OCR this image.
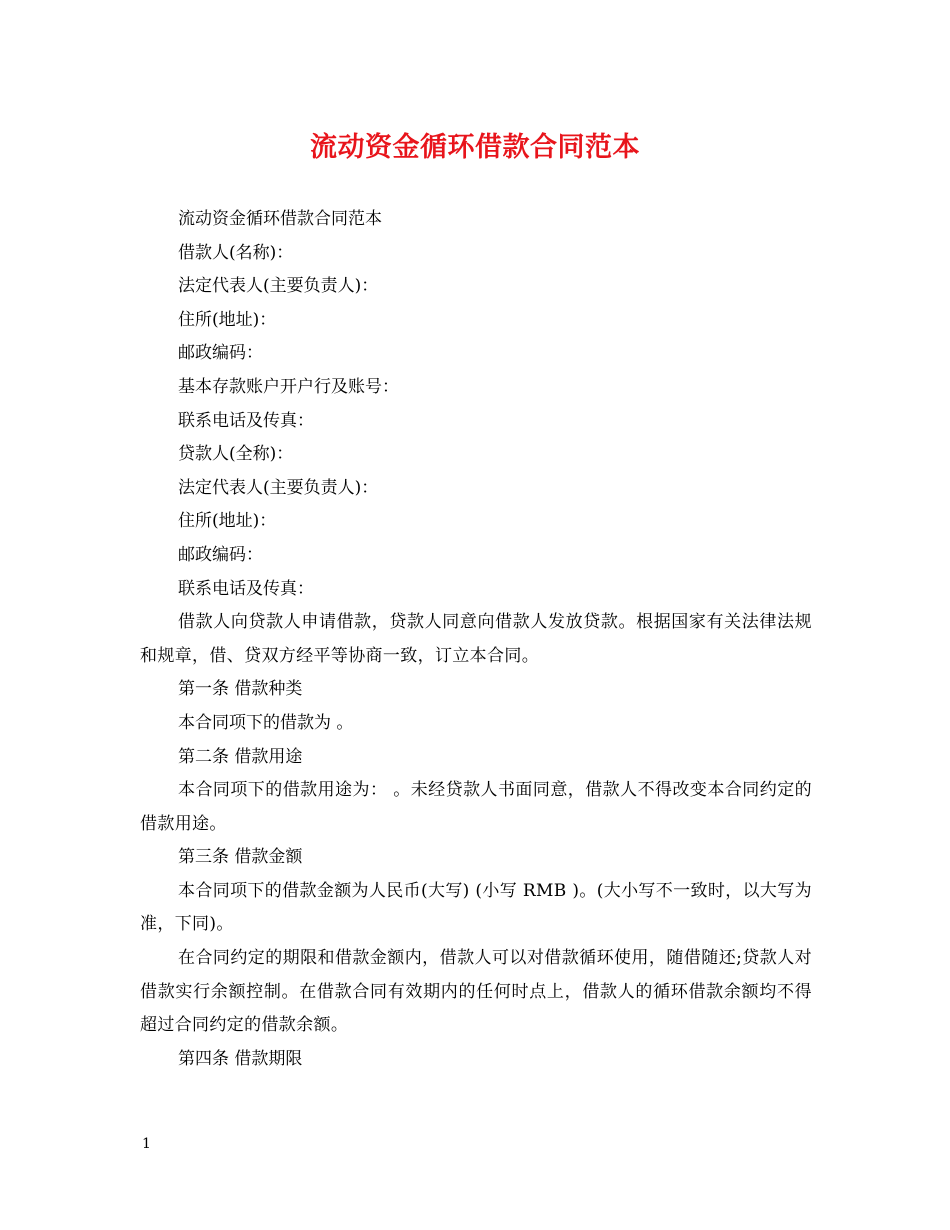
流动资金循环借款合同范本
流动资金循环借款合同范本
借款人(名称)：
法定代表人(主要负责人)：
住所(地址)：
邮政编码：
基本存款账户开户行及账号：
联系电话及传真：
贷款人(全称)：
法定代表人(主要负责人)：
住所(地址)：
邮政编码：
联系电话及传真：
借款人向贷款人申请借款，贷款人同意向借款人发放贷款。根据国家有关法律法规和规章，借、贷双方经平等协商一致，订立本合同。
第一条 借款种类
本合同项下的借款为 。
第二条 借款用途
本合同项下的借款用途为： 。未经贷款人书面同意，借款人不得改变本合同约定的借款用途。
第三条 借款金额
本合同项下的借款金额为人民币(大写) (小写 RMB )。(大小写不一致时，以大写为准，下同)。
在合同约定的期限和借款金额内，借款人可以对借款循环使用，随借随还;贷款人对借款实行余额控制。在借款合同有效期内的任何时点上，借款人的循环借款余额均不得超过合同约定的借款余额。
第四条 借款期限
1
